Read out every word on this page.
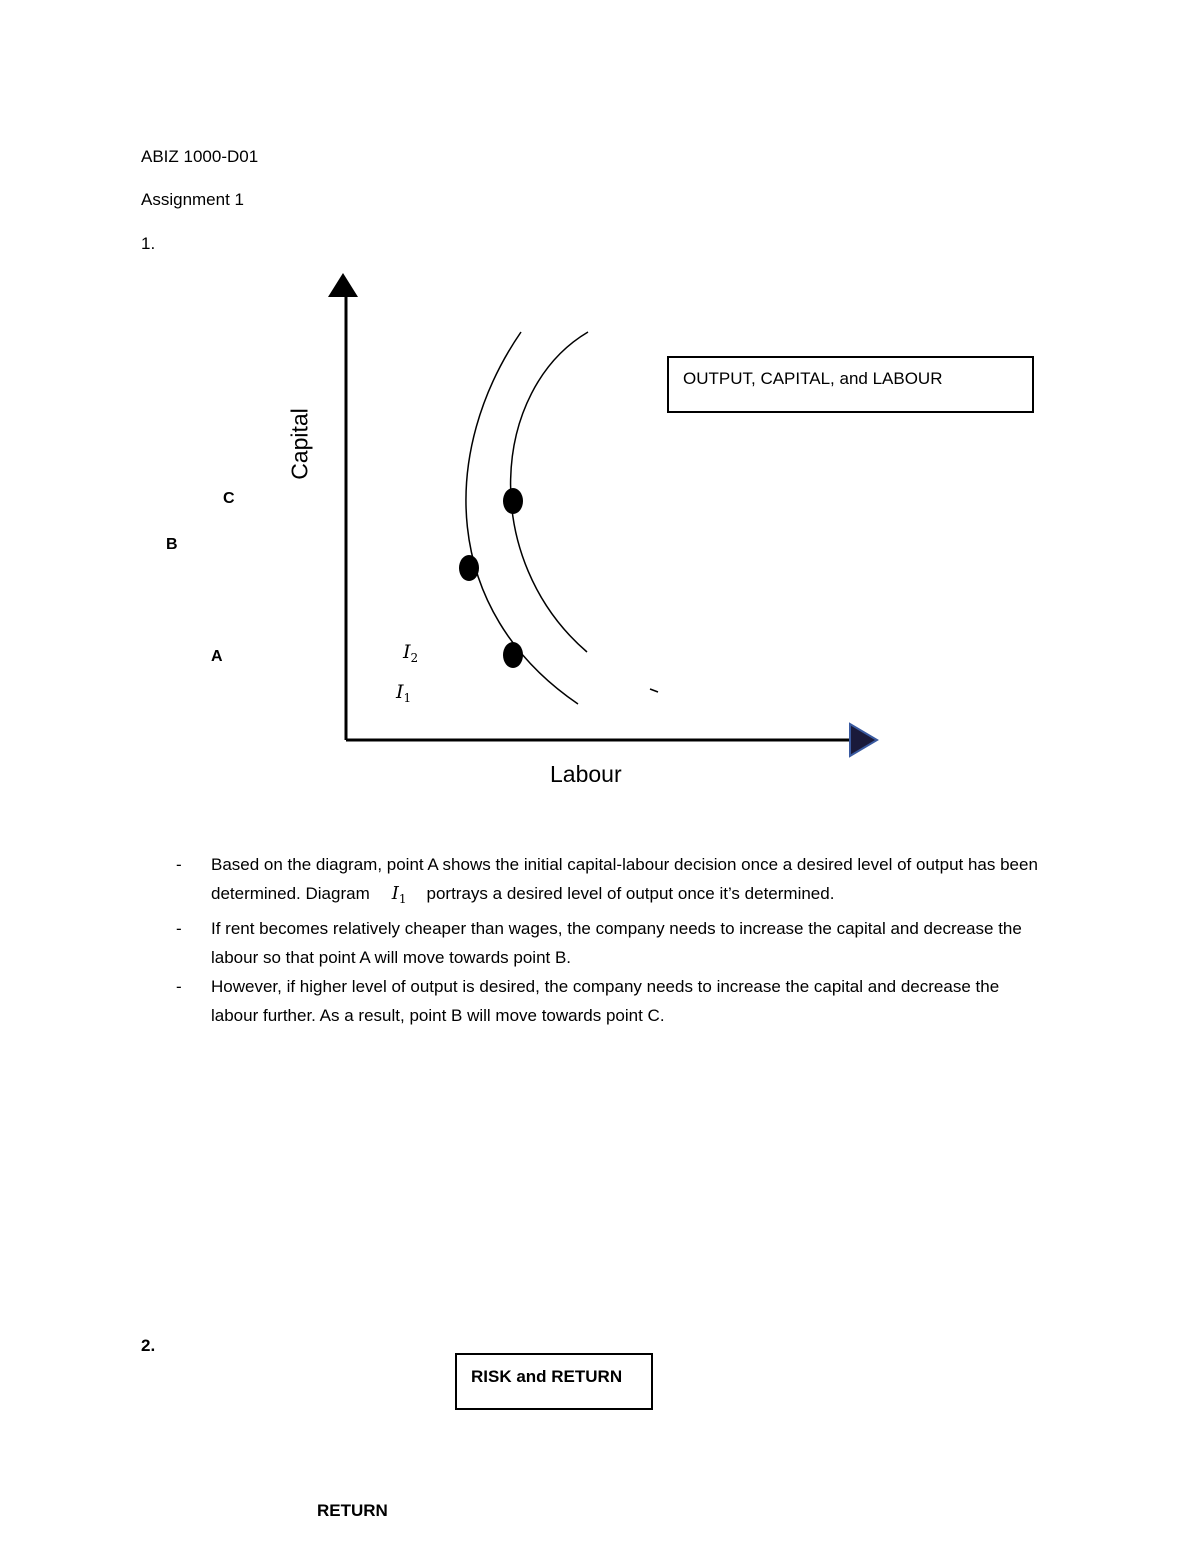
ABIZ 1000-D01
Assignment 1
1.
C
B
A	$I_2$
$I_1$
Capital
Labour
OUTPUT, CAPITAL, and LABOUR
- Based on the diagram, point A shows the initial capital-labour decision once a desired level of output has been determined. Diagram $I_1$ portrays a desired level of output once it’s determined.
- If rent becomes relatively cheaper than wages, the company needs to increase the capital and decrease the labour so that point A will move towards point B.
- However, if higher level of output is desired, the company needs to increase the capital and decrease the labour further. As a result, point B will move towards point C.
2.
RISK and RETURN
RETURN
